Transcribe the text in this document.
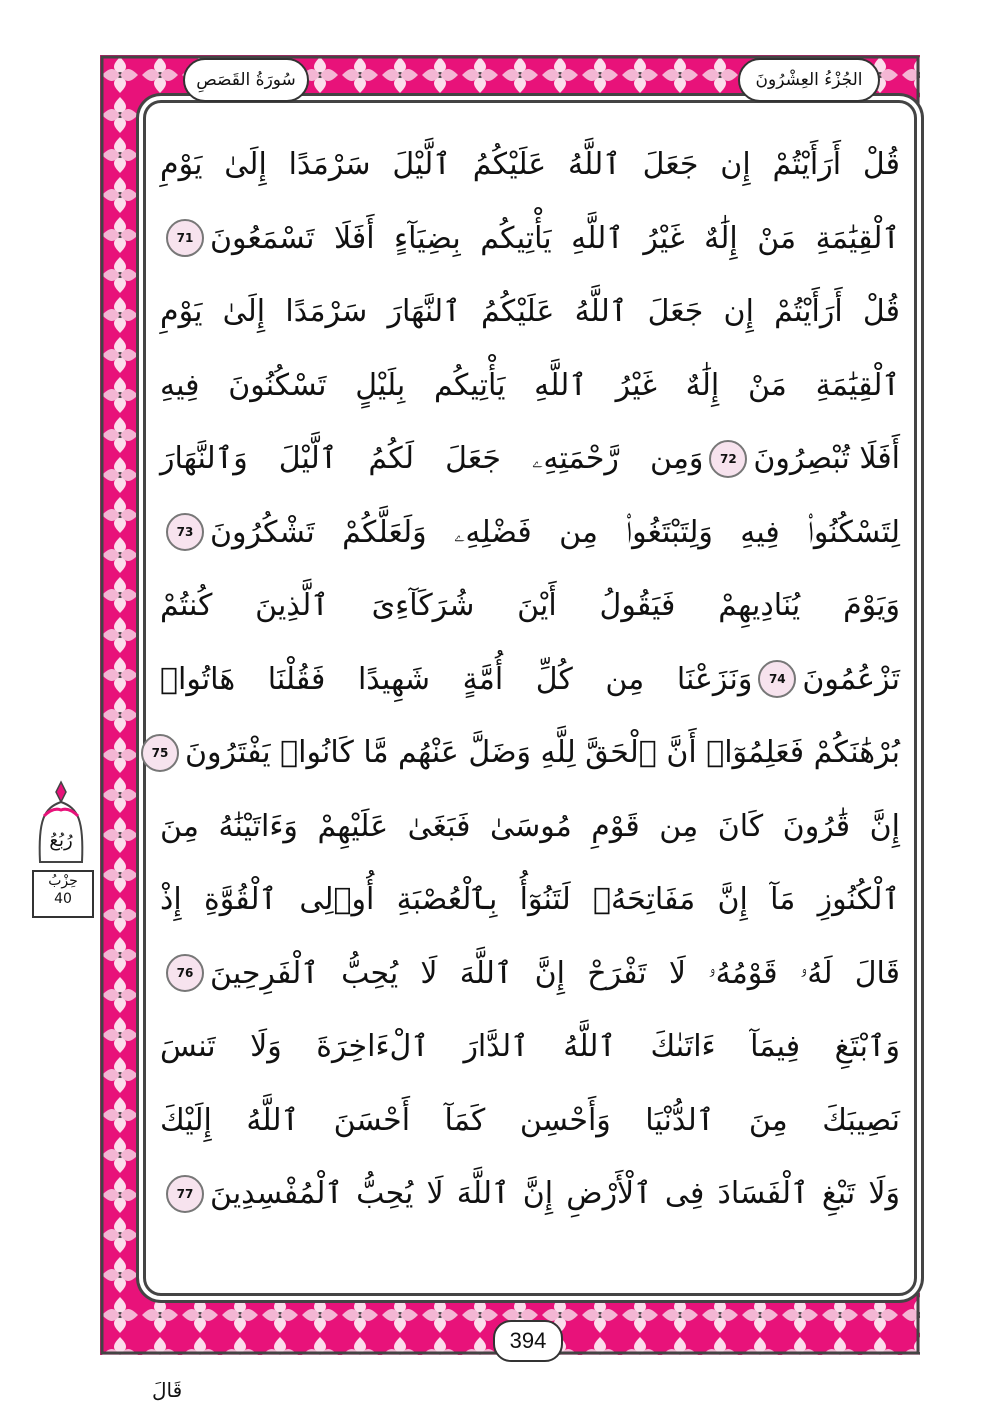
سُورَةُ القَصَصِ	الجُزْءُ العِشْرُونَ
قُلْ أَرَأَيْتُمْ إِن جَعَلَ ٱللَّهُ عَلَيْكُمُ ٱلَّيْلَ سَرْمَدًا إِلَىٰ يَوْمِ
ٱلْقِيَٰمَةِ مَنْ إِلَٰهٌ غَيْرُ ٱللَّهِ يَأْتِيكُم بِضِيَآءٍ أَفَلَا تَسْمَعُونَ
71
قُلْ أَرَأَيْتُمْ إِن جَعَلَ ٱللَّهُ عَلَيْكُمُ ٱلنَّهَارَ سَرْمَدًا إِلَىٰ يَوْمِ
ٱلْقِيَٰمَةِ مَنْ إِلَٰهٌ غَيْرُ ٱللَّهِ يَأْتِيكُم بِلَيْلٍ تَسْكُنُونَ فِيهِ
أَفَلَا تُبْصِرُونَ
72
وَمِن رَّحْمَتِهِۦ جَعَلَ لَكُمُ ٱلَّيْلَ وَٱلنَّهَارَ
لِتَسْكُنُوا۟ فِيهِ وَلِتَبْتَغُوا۟ مِن فَضْلِهِۦ وَلَعَلَّكُمْ تَشْكُرُونَ
73
وَيَوْمَ يُنَادِيهِمْ فَيَقُولُ أَيْنَ شُرَكَآءِىَ ٱلَّذِينَ كُنتُمْ
تَزْعُمُونَ
74
وَنَزَعْنَا مِن كُلِّ أُمَّةٍ شَهِيدًا فَقُلْنَا هَاتُوا۟
بُرْهَٰنَكُمْ فَعَلِمُوٓا۟ أَنَّ ٱلْحَقَّ لِلَّهِ وَضَلَّ عَنْهُم مَّا كَانُوا۟ يَفْتَرُونَ
75
إِنَّ قَٰرُونَ كَانَ مِن قَوْمِ مُوسَىٰ فَبَغَىٰ عَلَيْهِمْ وَءَاتَيْنَٰهُ مِنَ
ٱلْكُنُوزِ مَآ إِنَّ مَفَاتِحَهُۥ لَتَنُوٓأُ بِٱلْعُصْبَةِ أُو۟لِى ٱلْقُوَّةِ إِذْ
قَالَ لَهُۥ قَوْمُهُۥ لَا تَفْرَحْ إِنَّ ٱللَّهَ لَا يُحِبُّ ٱلْفَرِحِينَ
76
وَٱبْتَغِ فِيمَآ ءَاتَىٰكَ ٱللَّهُ ٱلدَّارَ ٱلْءَاخِرَةَ وَلَا تَنسَ
نَصِيبَكَ مِنَ ٱلدُّنْيَا وَأَحْسِن كَمَآ أَحْسَنَ ٱللَّهُ إِلَيْكَ
وَلَا تَبْغِ ٱلْفَسَادَ فِى ٱلْأَرْضِ إِنَّ ٱللَّهَ لَا يُحِبُّ ٱلْمُفْسِدِينَ
77
394
رُبُعُ
حِزْبُ
40
قَالَ
